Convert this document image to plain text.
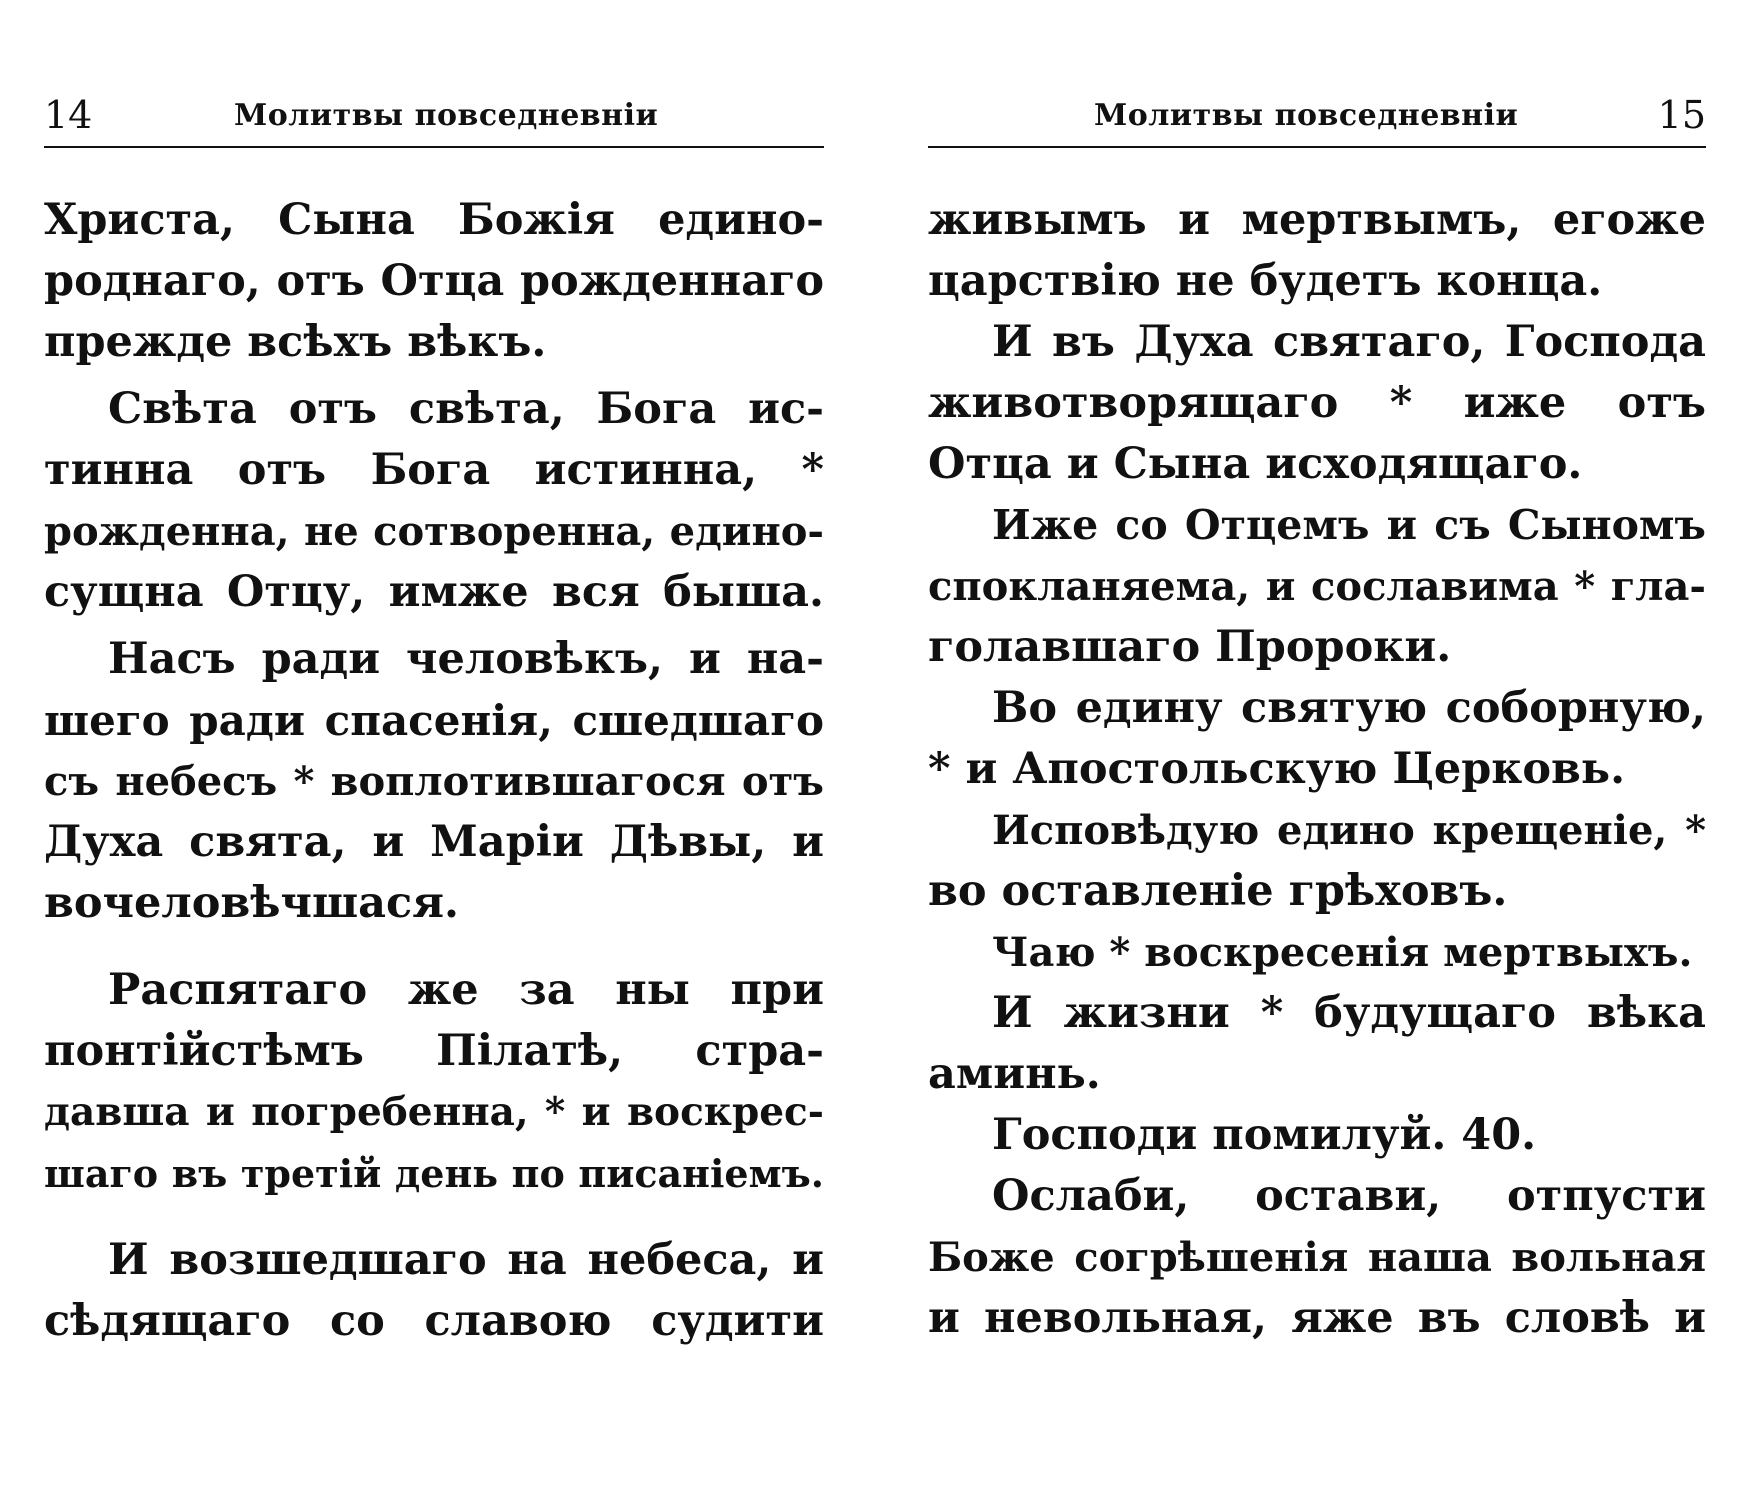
14	Молитвы повседневнiи
Христа, Сына Божiя едино-
роднаго, отъ Отца рожденнаго
прежде всѣхъ вѣкъ.
Свѣта отъ свѣта, Бога ис-
тинна отъ Бога истинна, *
рожденна, не сотворенна, едино-
сущна Отцу, имже вся быша.
Насъ ради человѣкъ, и на-
шего ради спасенiя, сшедшаго
съ небесъ * воплотившагося отъ
Духа свята, и Марiи Дѣвы, и
вочеловѣчшася.
Распятаго же за ны при
понтiйстѣмъ Пiлатѣ, стра-
давша и погребенна, * и воскрес-
шаго въ третiй день по писанiемъ.
И возшедшаго на небеса, и
сѣдящаго со славою судити
Молитвы повседневнiи	15
живымъ и мертвымъ, егоже
царствiю не будетъ конца.
И въ Духа святаго, Господа
животворящаго * иже отъ
Отца и Сына исходящаго.
Иже со Отцемъ и съ Сыномъ
спокланяема, и сославима * гла-
голавшаго Пророки.
Во едину святую соборную,
* и Апостольскую Церковь.
Исповѣдую едино крещенiе, *
во оставленiе грѣховъ.
Чаю * воскресенiя мертвыхъ.
И жизни * будущаго вѣка
аминь.
Господи помилуй. 40.
Ослаби, остави, отпусти
Боже согрѣшенiя наша вольная
и невольная, яже въ словѣ и
